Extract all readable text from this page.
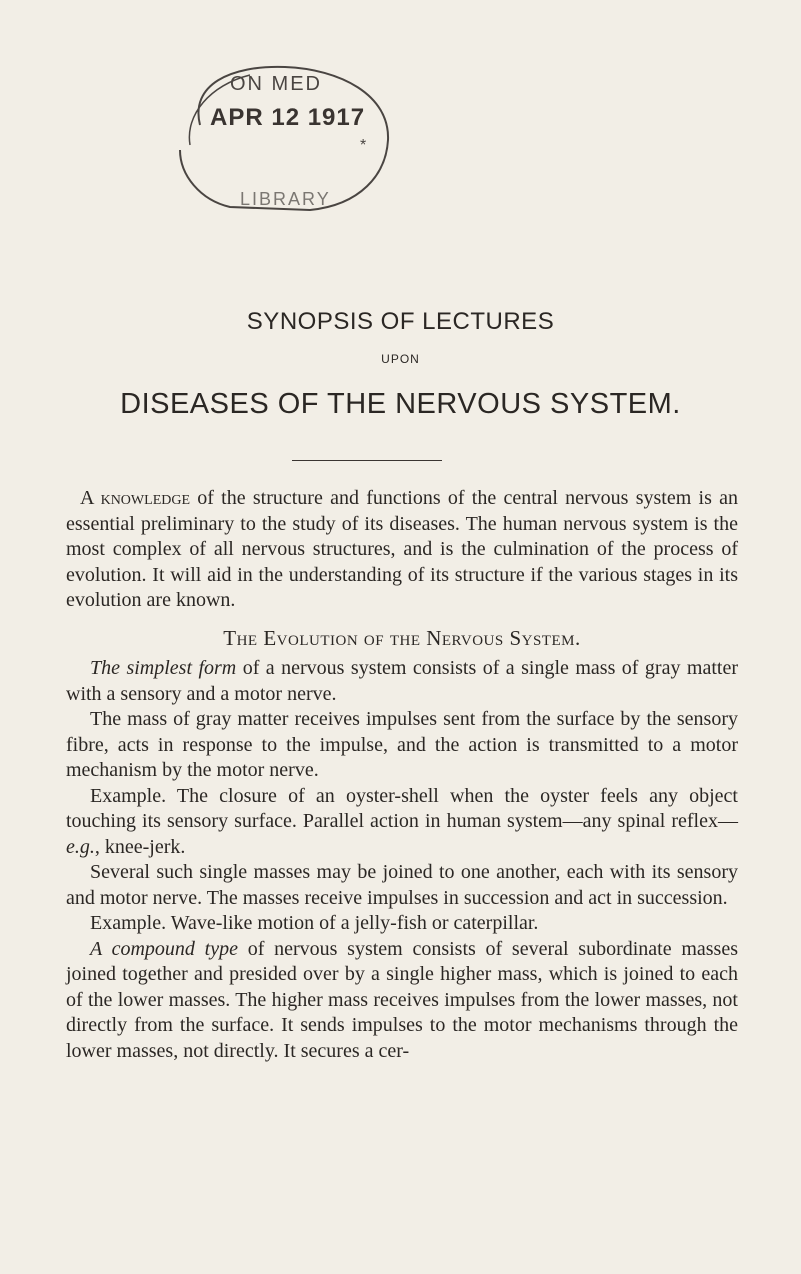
ON MED
LIBRARY
*
APR 12 1917
SYNOPSIS OF LECTURES
UPON
DISEASES OF THE NERVOUS SYSTEM.

A knowledge of the structure and functions of the central nervous system is an essential preliminary to the study of its diseases. The human nervous system is the most complex of all nervous structures, and is the culmination of the process of evolution. It will aid in the understanding of its structure if the various stages in its evolution are known.

The Evolution of the Nervous System.

The simplest form of a nervous system consists of a single mass of gray matter with a sensory and a motor nerve.

The mass of gray matter receives impulses sent from the surface by the sensory fibre, acts in response to the impulse, and the action is transmitted to a motor mechanism by the motor nerve.

Example. The closure of an oyster-shell when the oyster feels any object touching its sensory surface. Parallel action in human system—any spinal reflex—e.g., knee-jerk.

Several such single masses may be joined to one another, each with its sensory and motor nerve. The masses receive impulses in succession and act in succession.

Example. Wave-like motion of a jelly-fish or caterpillar.

A compound type of nervous system consists of several subordinate masses joined together and presided over by a single higher mass, which is joined to each of the lower masses. The higher mass receives impulses from the lower masses, not directly from the surface. It sends impulses to the motor mechanisms through the lower masses, not directly. It secures a cer-
